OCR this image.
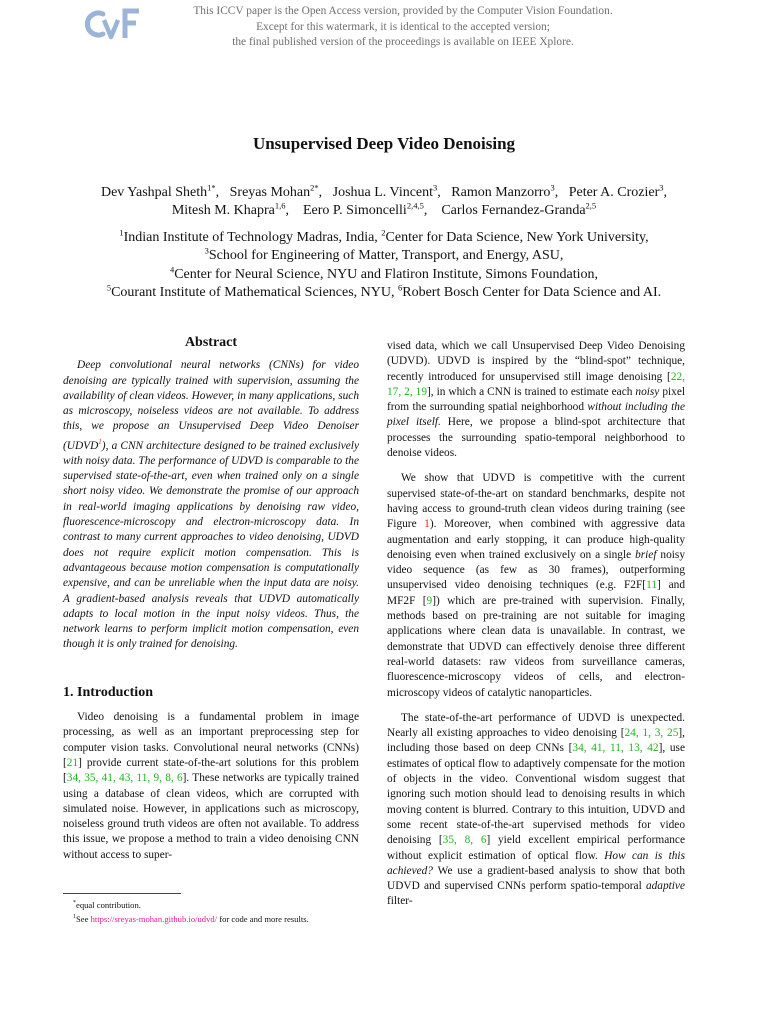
This ICCV paper is the Open Access version, provided by the Computer Vision Foundation.
Except for this watermark, it is identical to the accepted version;
the final published version of the proceedings is available on IEEE Xplore.
Unsupervised Deep Video Denoising
Dev Yashpal Sheth$^{1*}$,   Sreyas Mohan$^{2*}$,   Joshua L. Vincent$^3$,   Ramon Manzorro$^3$,   Peter A. Crozier$^3$,
Mitesh M. Khapra$^{1,6}$,    Eero P. Simoncelli$^{2,4,5}$,    Carlos Fernandez-Granda$^{2,5}$
$^1$Indian Institute of Technology Madras, India, $^2$Center for Data Science, New York University,
$^3$School for Engineering of Matter, Transport, and Energy, ASU,
$^4$Center for Neural Science, NYU and Flatiron Institute, Simons Foundation,
$^5$Courant Institute of Mathematical Sciences, NYU, $^6$Robert Bosch Center for Data Science and AI.
Abstract

Deep convolutional neural networks (CNNs) for video denoising are typically trained with supervision, assuming the availability of clean videos. However, in many applications, such as microscopy, noiseless videos are not available. To address this, we propose an Unsupervised Deep Video Denoiser (UDVD$^1$), a CNN architecture designed to be trained exclusively with noisy data. The performance of UDVD is comparable to the supervised state-of-the-art, even when trained only on a single short noisy video. We demonstrate the promise of our approach in real-world imaging applications by denoising raw video, fluorescence-microscopy and electron-microscopy data. In contrast to many current approaches to video denoising, UDVD does not require explicit motion compensation. This is advantageous because motion compensation is computationally expensive, and can be unreliable when the input data are noisy. A gradient-based analysis reveals that UDVD automatically adapts to local motion in the input noisy videos. Thus, the network learns to perform implicit motion compensation, even though it is only trained for denoising.

1. Introduction

Video denoising is a fundamental problem in image processing, as well as an important preprocessing step for computer vision tasks. Convolutional neural networks (CNNs) [21] provide current state-of-the-art solutions for this problem [34, 35, 41, 43, 11, 9, 8, 6]. These networks are typically trained using a database of clean videos, which are corrupted with simulated noise. However, in applications such as microscopy, noiseless ground truth videos are often not available. To address this issue, we propose a method to train a video denoising CNN without access to super-

vised data, which we call Unsupervised Deep Video Denoising (UDVD). UDVD is inspired by the “blind-spot” technique, recently introduced for unsupervised still image denoising [22, 17, 2, 19], in which a CNN is trained to estimate each noisy pixel from the surrounding spatial neighborhood without including the pixel itself. Here, we propose a blind-spot architecture that processes the surrounding spatio-temporal neighborhood to denoise videos.

We show that UDVD is competitive with the current supervised state-of-the-art on standard benchmarks, despite not having access to ground-truth clean videos during training (see Figure 1). Moreover, when combined with aggressive data augmentation and early stopping, it can produce high-quality denoising even when trained exclusively on a single brief noisy video sequence (as few as 30 frames), outperforming unsupervised video denoising techniques (e.g. F2F[11] and MF2F [9]) which are pre-trained with supervision. Finally, methods based on pre-training are not suitable for imaging applications where clean data is unavailable. In contrast, we demonstrate that UDVD can effectively denoise three different real-world datasets: raw videos from surveillance cameras, fluorescence-microscopy videos of cells, and electron-microscopy videos of catalytic nanoparticles.

The state-of-the-art performance of UDVD is unexpected. Nearly all existing approaches to video denoising [24, 1, 3, 25], including those based on deep CNNs [34, 41, 11, 13, 42], use estimates of optical flow to adaptively compensate for the motion of objects in the video. Conventional wisdom suggest that ignoring such motion should lead to denoising results in which moving content is blurred. Contrary to this intuition, UDVD and some recent state-of-the-art supervised methods for video denoising [35, 8, 6] yield excellent empirical performance without explicit estimation of optical flow. How can is this achieved? We use a gradient-based analysis to show that both UDVD and supervised CNNs perform spatio-temporal adaptive filter-

*equal contribution.
$^1$See https://sreyas-mohan.github.io/udvd/ for code and more results.
